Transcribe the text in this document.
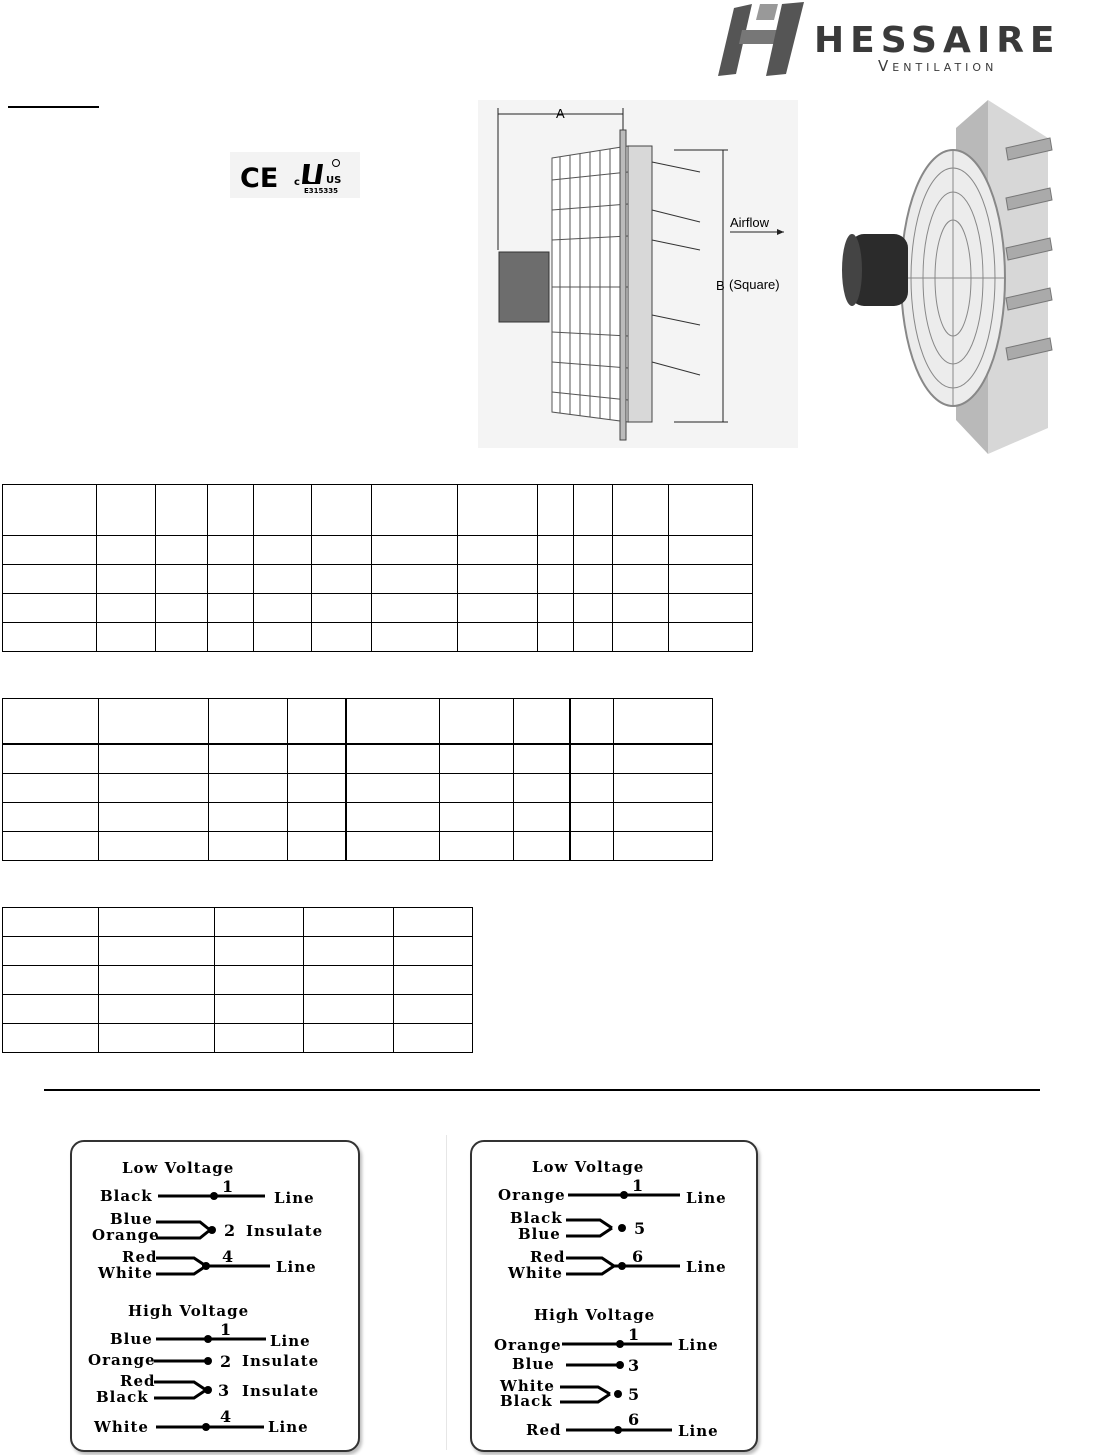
HESSAIRE
VENTILATION
CE c	US
E315335
A
Airflow
B (Square)

Low Voltage
Black	1
Line
Blue
Orange	2 Insulate
Red
White
4
Line
High Voltage
Blue	1
Line
Orange	2 Insulate
Red
Black	3 Insulate
White
4
Line
Low Voltage
Orange	1
Line
Black
Blue	5
Red
White
6
Line
High Voltage
Orange
1
Line
Blue	3
White
Black	5
Red
6
Line
